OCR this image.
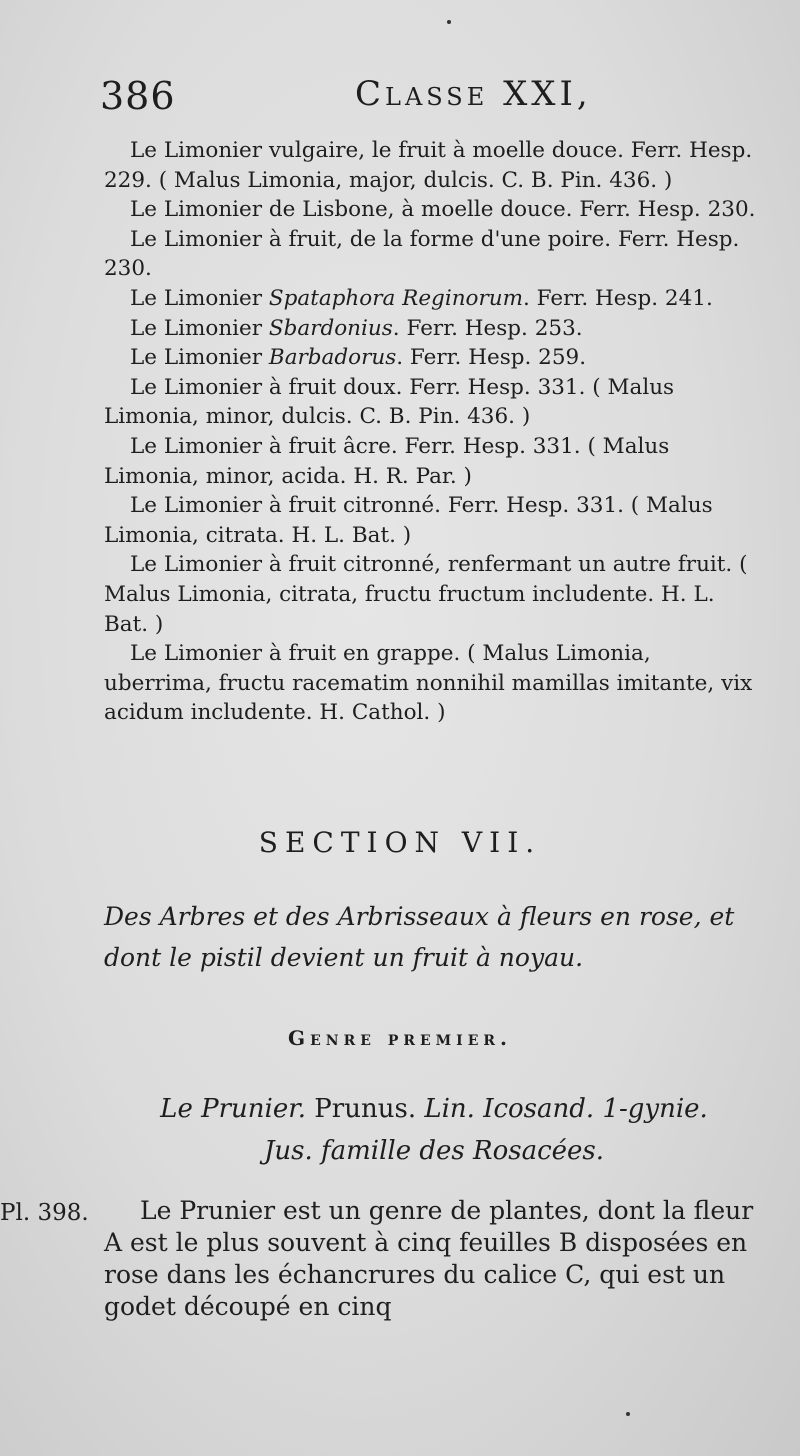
386	Classe XXI,

Le Limonier vulgaire, le fruit à moelle douce. Ferr. Hesp. 229. ( Malus Limonia, major, dulcis. C. B. Pin. 436. )

Le Limonier de Lisbone, à moelle douce. Ferr. Hesp. 230.

Le Limonier à fruit, de la forme d'une poire. Ferr. Hesp. 230.

Le Limonier Spataphora Reginorum. Ferr. Hesp. 241.

Le Limonier Sbardonius. Ferr. Hesp. 253.

Le Limonier Barbadorus. Ferr. Hesp. 259.

Le Limonier à fruit doux. Ferr. Hesp. 331. ( Malus Limonia, minor, dulcis. C. B. Pin. 436. )

Le Limonier à fruit âcre. Ferr. Hesp. 331. ( Malus Limonia, minor, acida. H. R. Par. )

Le Limonier à fruit citronné. Ferr. Hesp. 331. ( Malus Limonia, citrata. H. L. Bat. )

Le Limonier à fruit citronné, renfermant un autre fruit. ( Malus Limonia, citrata, fructu fructum includente. H. L. Bat. )

Le Limonier à fruit en grappe. ( Malus Limonia, uberrima, fructu racematim nonnihil mamillas imitante, vix acidum includente. H. Cathol. )

SECTION VII.

Des Arbres et des Arbrisseaux à fleurs en rose, et dont le pistil devient un fruit à noyau.

Genre premier.

Le Prunier. Prunus. Lin. Icosand. 1-gynie.
Jus. famille des Rosacées.

Pl. 398.	Le Prunier est un genre de plantes, dont la fleur A est le plus souvent à cinq feuilles B disposées en rose dans les échancrures du calice C, qui est un godet découpé en cinq
